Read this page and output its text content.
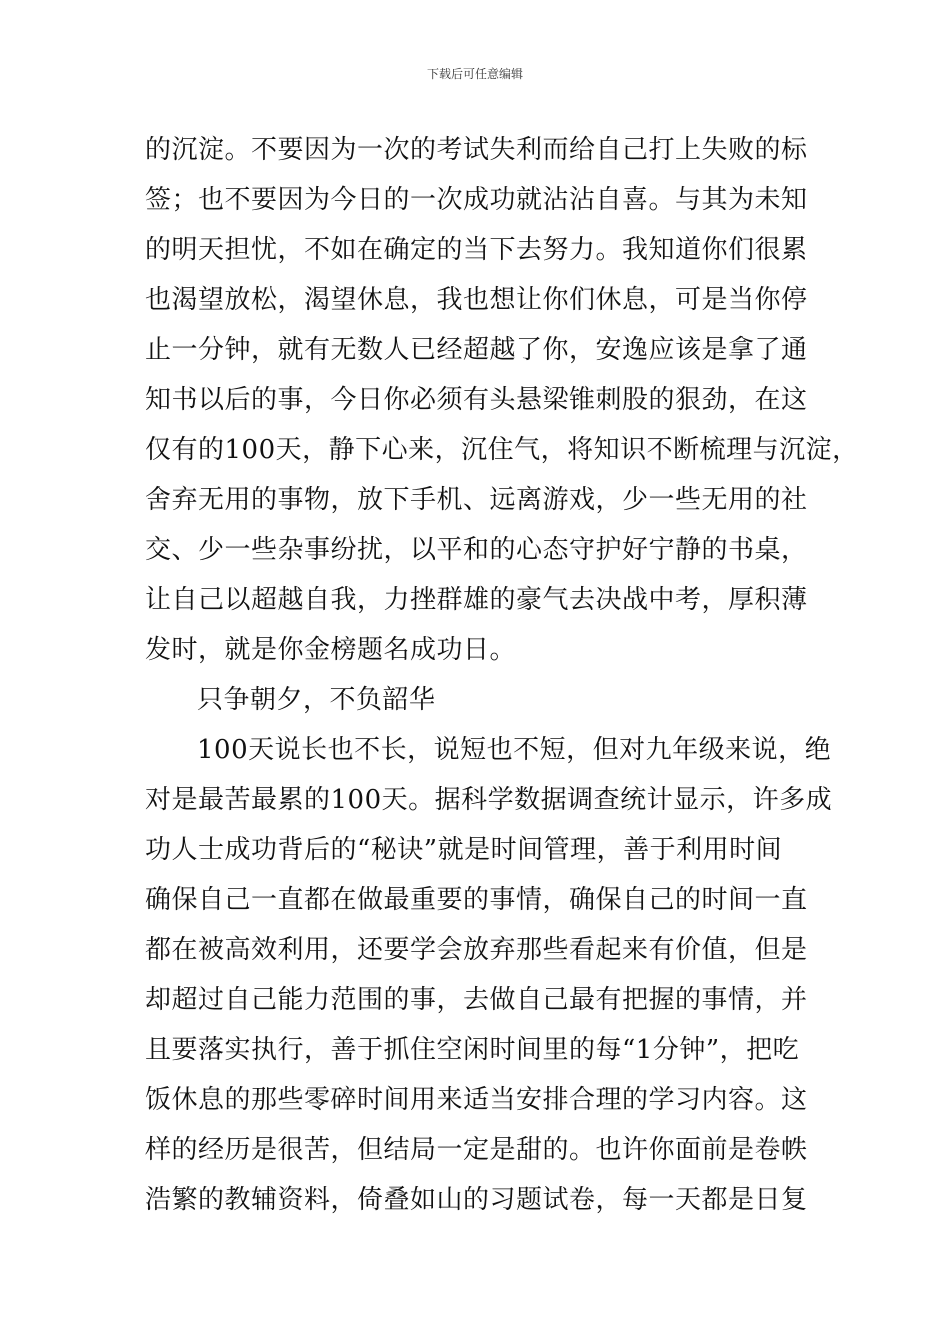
下载后可任意编辑
的沉淀。不要因为一次的考试失利而给自己打上失败的标
签；也不要因为今日的一次成功就沾沾自喜。与其为未知
的明天担忧，不如在确定的当下去努力。我知道你们很累
也渴望放松，渴望休息，我也想让你们休息，可是当你停
止一分钟，就有无数人已经超越了你，安逸应该是拿了通
知书以后的事，今日你必须有头悬梁锥刺股的狠劲，在这
仅有的100天，静下心来，沉住气，将知识不断梳理与沉淀，
舍弃无用的事物，放下手机、远离游戏，少一些无用的社
交、少一些杂事纷扰，以平和的心态守护好宁静的书桌，
让自己以超越自我，力挫群雄的豪气去决战中考，厚积薄
发时，就是你金榜题名成功日。
只争朝夕，不负韶华
100天说长也不长，说短也不短，但对九年级来说，绝
对是最苦最累的100天。据科学数据调查统计显示，许多成
功人士成功背后的“秘诀”就是时间管理，善于利用时间
确保自己一直都在做最重要的事情，确保自己的时间一直
都在被高效利用，还要学会放弃那些看起来有价值，但是
却超过自己能力范围的事，去做自己最有把握的事情，并
且要落实执行，善于抓住空闲时间里的每“1分钟”，把吃
饭休息的那些零碎时间用来适当安排合理的学习内容。这
样的经历是很苦，但结局一定是甜的。也许你面前是卷帙
浩繁的教辅资料，倚叠如山的习题试卷，每一天都是日复
